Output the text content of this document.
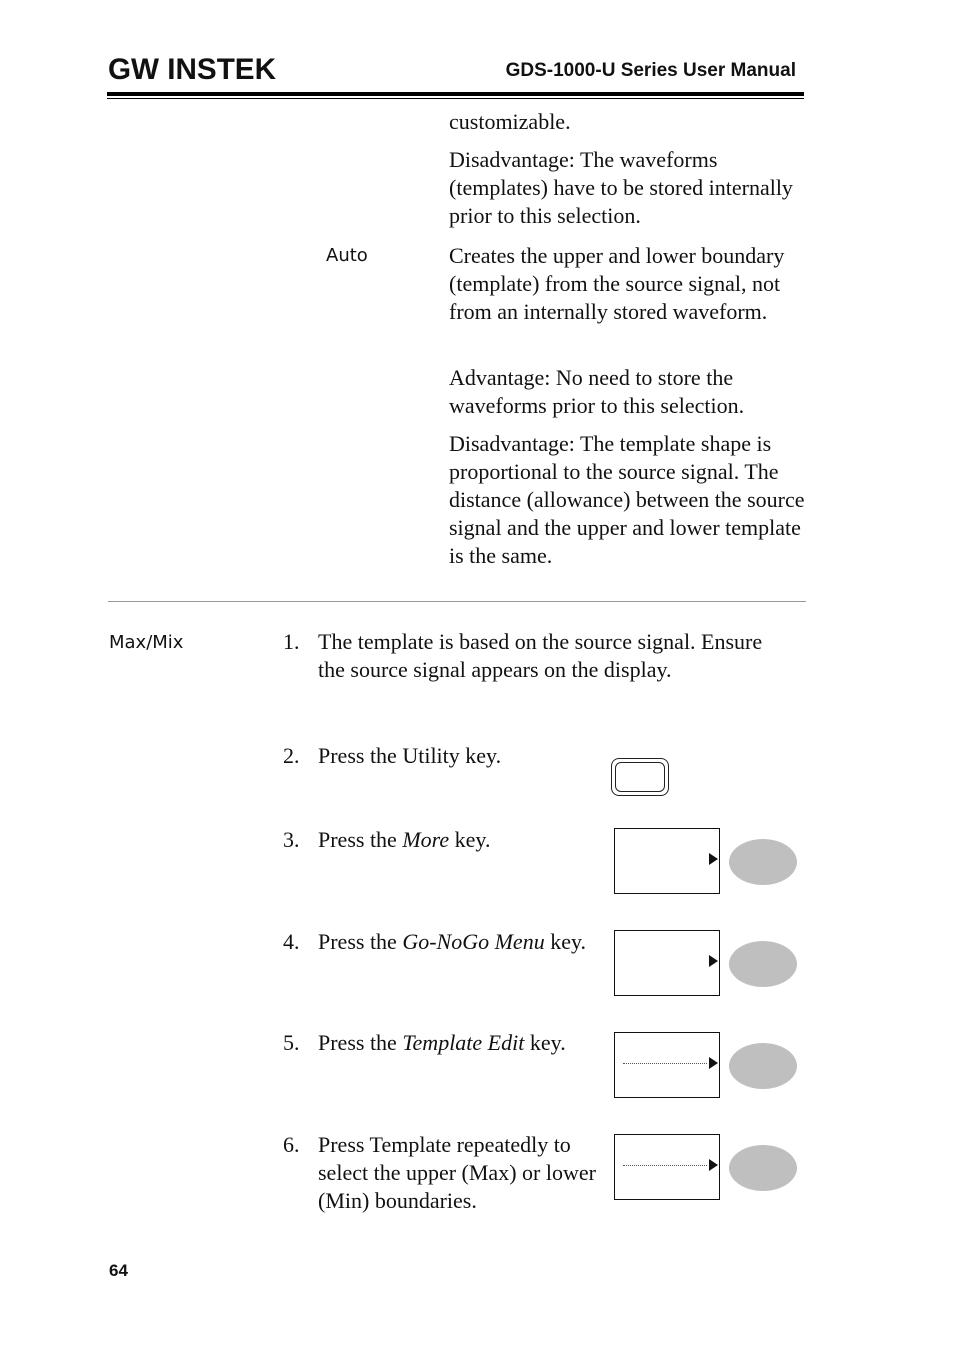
GW INSTEK	GDS-1000-U Series User Manual
customizable.
Disadvantage: The waveforms (templates) have to be stored internally prior to this selection.
Auto	Creates the upper and lower boundary (template) from the source signal, not from an internally stored waveform.
Advantage: No need to store the waveforms prior to this selection.
Disadvantage: The template shape is proportional to the source signal. The distance (allowance) between the source signal and the upper and lower template is the same.
Max/Mix	1. The template is based on the source signal. Ensure the source signal appears on the display.
2. Press the Utility key.
3. Press the More key.
4. Press the Go-NoGo Menu key.
5. Press the Template Edit key.
6. Press Template repeatedly to select the upper (Max) or lower (Min) boundaries.
64
